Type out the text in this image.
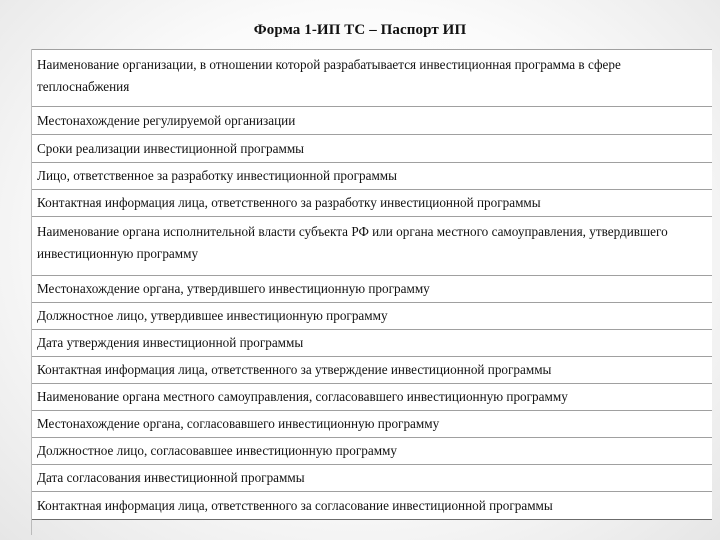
Форма 1-ИП ТС – Паспорт ИП
Наименование организации, в отношении которой разрабатывается инвестиционная программа в сфере теплоснабжения
Местонахождение регулируемой организации
Сроки реализации инвестиционной программы
Лицо, ответственное за разработку инвестиционной программы
Контактная информация лица, ответственного за разработку инвестиционной программы
Наименование органа исполнительной власти субъекта РФ или органа местного самоуправления, утвердившего инвестиционную программу
Местонахождение органа, утвердившего инвестиционную программу
Должностное лицо, утвердившее инвестиционную программу
Дата утверждения инвестиционной программы
Контактная информация лица, ответственного за утверждение инвестиционной программы
Наименование органа местного самоуправления, согласовавшего инвестиционную программу
Местонахождение органа, согласовавшего инвестиционную программу
Должностное лицо, согласовавшее инвестиционную программу
Дата согласования инвестиционной программы
Контактная информация лица, ответственного за согласование инвестиционной программы
